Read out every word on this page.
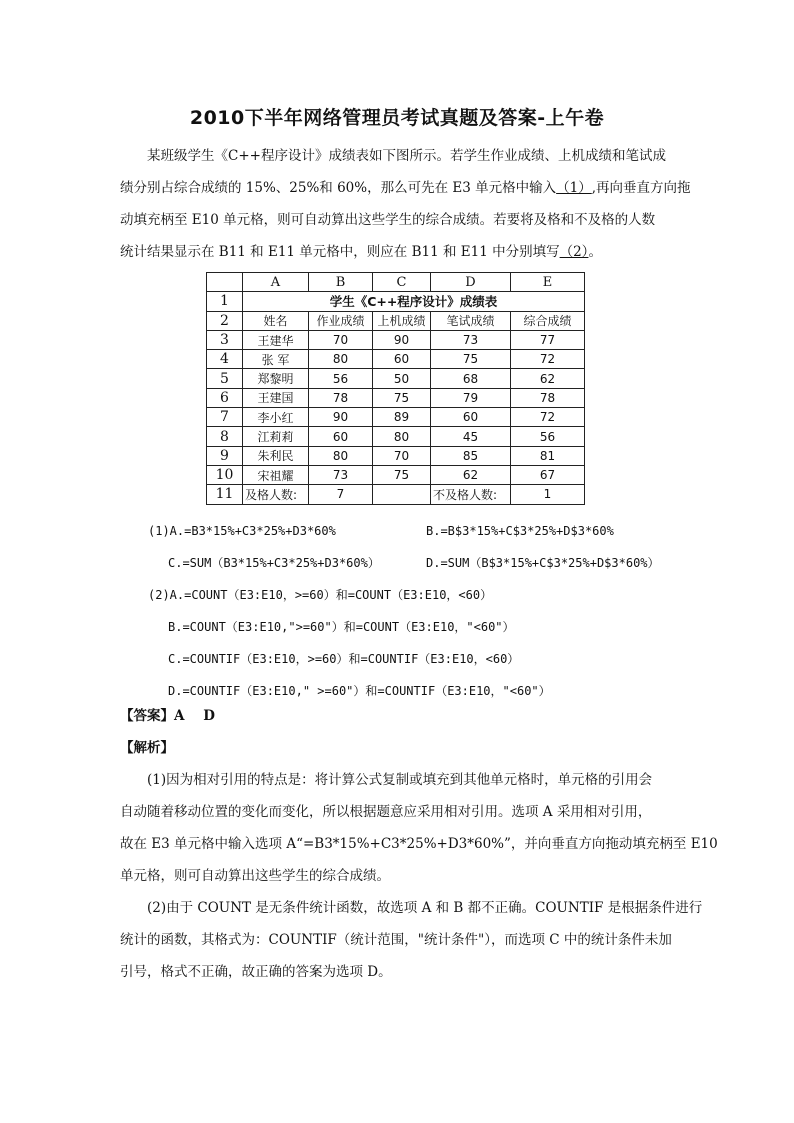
2010下半年网络管理员考试真题及答案-上午卷
某班级学生《C++程序设计》成绩表如下图所示。若学生作业成绩、上机成绩和笔试成
绩分别占综合成绩的 15%、25%和 60%，那么可先在 E3 单元格中输入（1）,再向垂直方向拖
动填充柄至 E10 单元格，则可自动算出这些学生的综合成绩。若要将及格和不及格的人数
统计结果显示在 B11 和 E11 单元格中，则应在 B11 和 E11 中分别填写（2）。
	A	B	C	D	E
1	学生《C++程序设计》成绩表				
2	姓名	作业成绩	上机成绩	笔试成绩	综合成绩
3	王建华	70	90	73	77
4	张 军	80	60	75	72
5	郑黎明	56	50	68	62
6	王建国	78	75	79	78
7	李小红	90	89	60	72
8	江莉莉	60	80	45	56
9	朱利民	80	70	85	81
10	宋祖耀	73	75	62	67
11	及格人数:	7		不及格人数:	1
(1)A.=B3*15%+C3*25%+D3*60%	B.=B$3*15%+C$3*25%+D$3*60%
C.=SUM（B3*15%+C3*25%+D3*60%）	D.=SUM（B$3*15%+C$3*25%+D$3*60%）
(2)A.=COUNT（E3:E10，>=60）和=COUNT（E3:E10，<60）
B.=COUNT（E3:E10,">=60"）和=COUNT（E3:E10，"<60"）
C.=COUNTIF（E3:E10，>=60）和=COUNTIF（E3:E10，<60）
D.=COUNTIF（E3:E10," >=60"）和=COUNTIF（E3:E10，"<60"）
【答案】A    D
【解析】
(1)因为相对引用的特点是：将计算公式复制或填充到其他单元格时，单元格的引用会
自动随着移动位置的变化而变化，所以根据题意应采用相对引用。选项 A 采用相对引用，
故在 E3 单元格中输入选项 A“=B3*15%+C3*25%+D3*60%”，并向垂直方向拖动填充柄至 E10
单元格，则可自动算出这些学生的综合成绩。
(2)由于 COUNT 是无条件统计函数，故选项 A 和 B 都不正确。COUNTIF 是根据条件进行
统计的函数，其格式为：COUNTIF（统计范围，"统计条件"），而选项 C 中的统计条件未加
引号，格式不正确，故正确的答案为选项 D。
